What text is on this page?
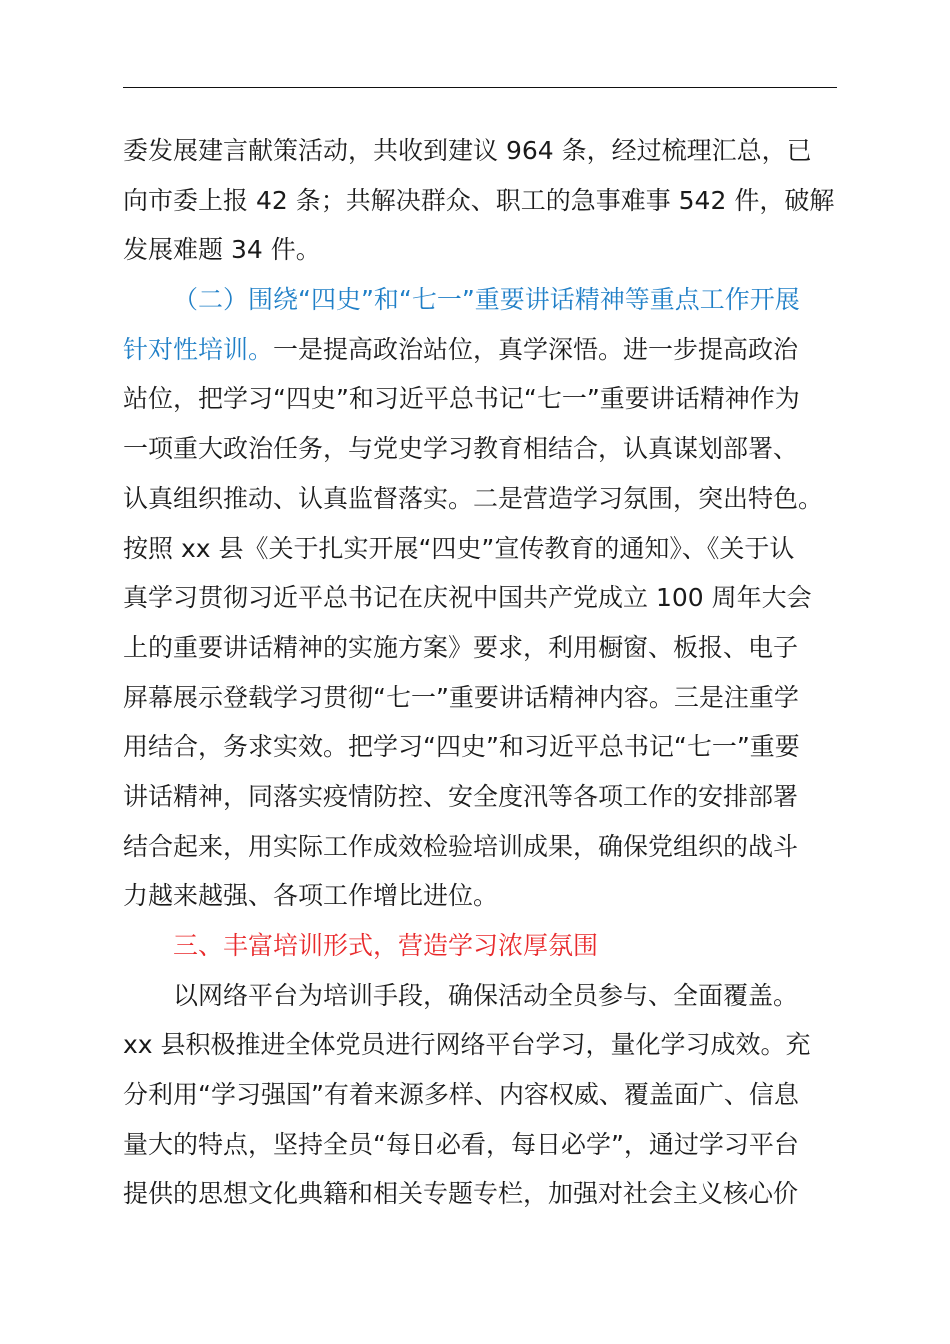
委发展建言献策活动，共收到建议 964 条，经过梳理汇总，已
向市委上报 42 条；共解决群众、职工的急事难事 542 件，破解
发展难题 34 件。
（二）围绕“四史”和“七一”重要讲话精神等重点工作开展
针对性培训。一是提高政治站位，真学深悟。进一步提高政治
站位，把学习“四史”和习近平总书记“七一”重要讲话精神作为
一项重大政治任务，与党史学习教育相结合，认真谋划部署、
认真组织推动、认真监督落实。二是营造学习氛围，突出特色。
按照 xx 县《关于扎实开展“四史”宣传教育的通知》、《关于认
真学习贯彻习近平总书记在庆祝中国共产党成立 100 周年大会
上的重要讲话精神的实施方案》要求，利用橱窗、板报、电子
屏幕展示登载学习贯彻“七一”重要讲话精神内容。三是注重学
用结合，务求实效。把学习“四史”和习近平总书记“七一”重要
讲话精神，同落实疫情防控、安全度汛等各项工作的安排部署
结合起来，用实际工作成效检验培训成果，确保党组织的战斗
力越来越强、各项工作增比进位。
三、丰富培训形式，营造学习浓厚氛围
以网络平台为培训手段，确保活动全员参与、全面覆盖。
xx 县积极推进全体党员进行网络平台学习，量化学习成效。充
分利用“学习强国”有着来源多样、内容权威、覆盖面广、信息
量大的特点，坚持全员“每日必看，每日必学”，通过学习平台
提供的思想文化典籍和相关专题专栏，加强对社会主义核心价
